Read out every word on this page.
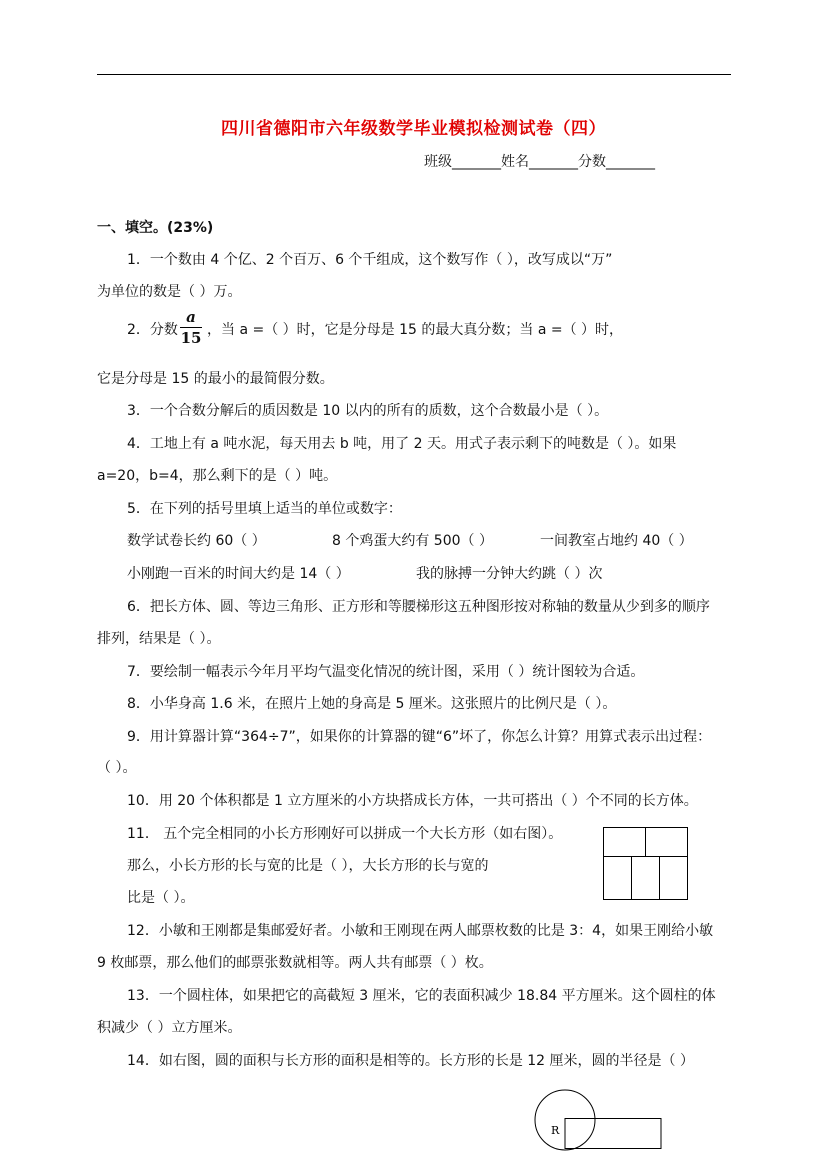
四川省德阳市六年级数学毕业模拟检测试卷（四）
班级_______姓名_______分数_______
一、填空。(23%)
1．一个数由 4 个亿、2 个百万、6 个千组成，这个数写作（ ），改写成以“万”
为单位的数是（ ）万。
2．分数
a
15 ，当 a =（ ）时，它是分母是 15 的最大真分数；当 a =（ ）时，
它是分母是 15 的最小的最简假分数。
3．一个合数分解后的质因数是 10 以内的所有的质数，这个合数最小是（ ）。
4．工地上有 a 吨水泥，每天用去 b 吨，用了 2 天。用式子表示剩下的吨数是（ ）。如果
a=20，b=4，那么剩下的是（ ）吨。
5．在下列的括号里填上适当的单位或数字：
数学试卷长约 60（ ）	8 个鸡蛋大约有 500（ ）	一间教室占地约 40（ ）
小刚跑一百米的时间大约是 14（ ）	我的脉搏一分钟大约跳（ ）次
6．把长方体、圆、等边三角形、正方形和等腰梯形这五种图形按对称轴的数量从少到多的顺序
排列，结果是（ ）。
7．要绘制一幅表示今年月平均气温变化情况的统计图，采用（ ）统计图较为合适。
8．小华身高 1.6 米，在照片上她的身高是 5 厘米。这张照片的比例尺是（ ）。
9．用计算器计算“364÷7”，如果你的计算器的键“6”坏了，你怎么计算？用算式表示出过程：
（ ）。
10．用 20 个体积都是 1 立方厘米的小方块搭成长方体，一共可搭出（ ）个不同的长方体。
11． 五个完全相同的小长方形刚好可以拼成一个大长方形（如右图）。
那么，小长方形的长与宽的比是（ ），大长方形的长与宽的
比是（ ）。
12．小敏和王刚都是集邮爱好者。小敏和王刚现在两人邮票枚数的比是 3：4，如果王刚给小敏
9 枚邮票，那么他们的邮票张数就相等。两人共有邮票（ ）枚。
13．一个圆柱体，如果把它的高截短 3 厘米，它的表面积减少 18.84 平方厘米。这个圆柱的体
积减少（ ）立方厘米。
14．如右图，圆的面积与长方形的面积是相等的。长方形的长是 12 厘米，圆的半径是（ ）
R
